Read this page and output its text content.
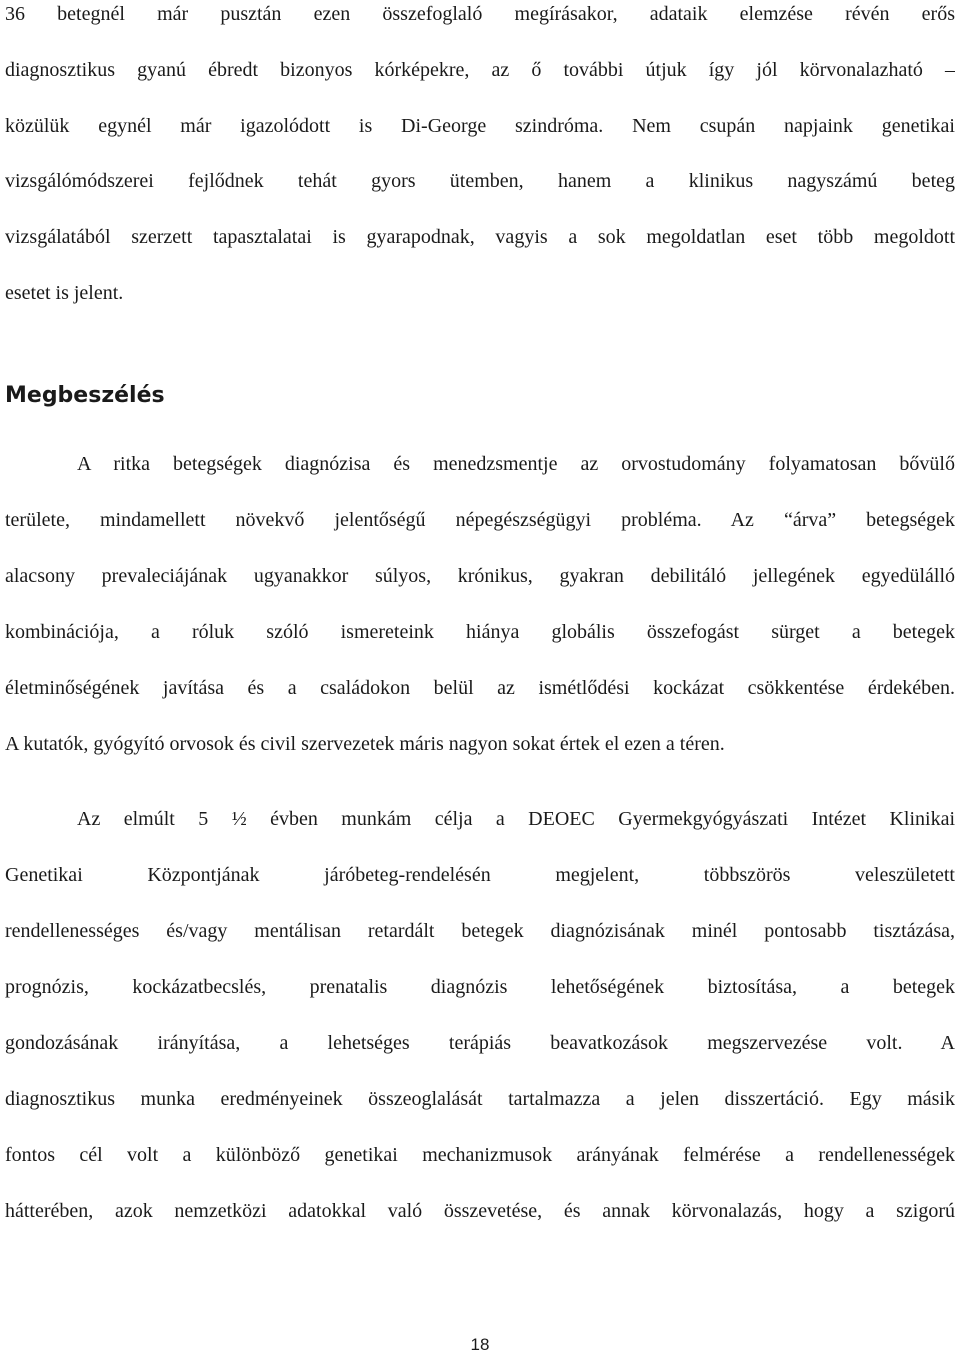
36 betegnél már pusztán ezen összefoglaló megírásakor, adataik elemzése révén erős
diagnosztikus gyanú ébredt bizonyos kórképekre, az ő további útjuk így jól körvonalazható –
közülük egynél már igazolódott is Di-George szindróma. Nem csupán napjaink genetikai
vizsgálómódszerei fejlődnek tehát gyors ütemben, hanem a klinikus nagyszámú beteg
vizsgálatából szerzett tapasztalatai is gyarapodnak, vagyis a sok megoldatlan eset több megoldott
esetet is jelent.
Megbeszélés
A ritka betegségek diagnózisa és menedzsmentje az orvostudomány folyamatosan bővülő
területe, mindamellett növekvő jelentőségű népegészségügyi probléma. Az “árva” betegségek
alacsony prevaleciájának ugyanakkor súlyos, krónikus, gyakran debilitáló jellegének egyedülálló
kombinációja, a róluk szóló ismereteink hiánya globális összefogást sürget a betegek
életminőségének javítása és a családokon belül az ismétlődési kockázat csökkentése érdekében.
A kutatók, gyógyító orvosok és civil szervezetek máris nagyon sokat értek el ezen a téren.
Az elmúlt 5 ½ évben munkám célja a DEOEC Gyermekgyógyászati Intézet Klinikai
Genetikai Központjának járóbeteg-rendelésén megjelent, többszörös veleszületett
rendellenességes és/vagy mentálisan retardált betegek diagnózisának minél pontosabb tisztázása,
prognózis, kockázatbecslés, prenatalis diagnózis lehetőségének biztosítása, a betegek
gondozásának irányítása, a lehetséges terápiás beavatkozások megszervezése volt. A
diagnosztikus munka eredményeinek összeoglalását tartalmazza a jelen disszertáció. Egy másik
fontos cél volt a különböző genetikai mechanizmusok arányának felmérése a rendellenességek
hátterében, azok nemzetközi adatokkal való összevetése, és annak körvonalazás, hogy a szigorú
18
